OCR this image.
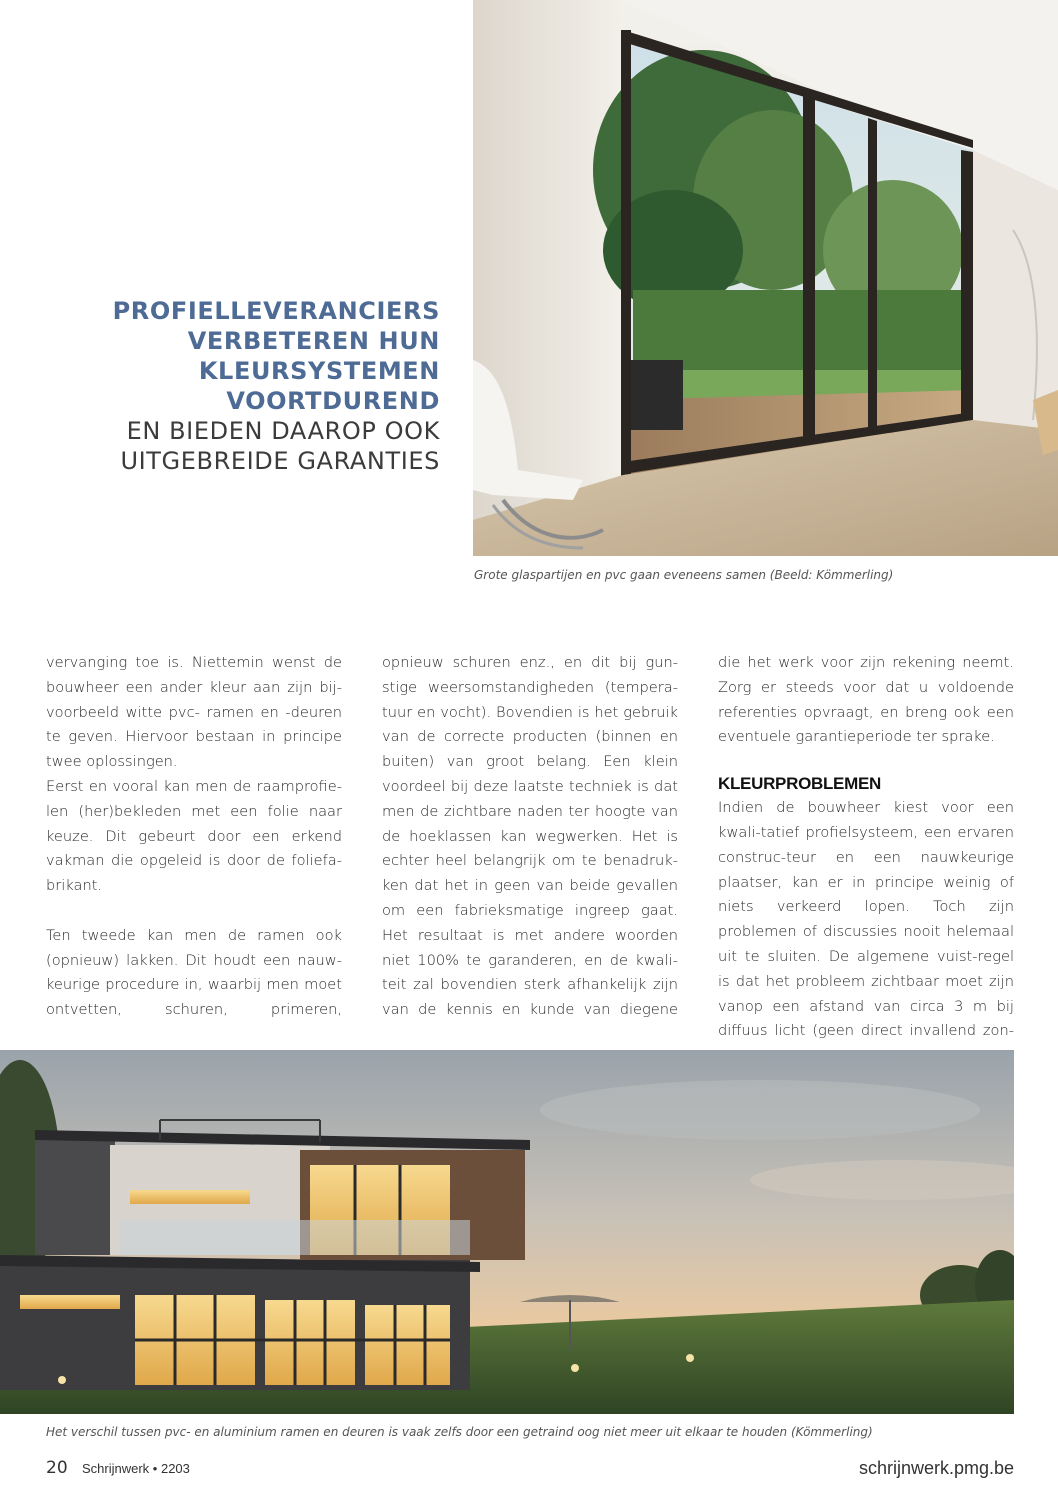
Grote glaspartijen en pvc gaan eveneens samen (Beeld: Kömmerling)
PROFIELLEVERANCIERS
VERBETEREN HUN
KLEURSYSTEMEN
VOORTDUREND
EN BIEDEN DAAROP OOK
UITGEBREIDE GARANTIES

vervanging toe is. Niettemin wenst de bouwheer een ander kleur aan zijn bij-voorbeeld witte pvc- ramen en -deuren te geven. Hiervoor bestaan in principe twee oplossingen.

Eerst en vooral kan men de raamprofie-len (her)bekleden met een folie naar keuze. Dit gebeurt door een erkend vakman die opgeleid is door de foliefa-brikant.

Ten tweede kan men de ramen ook (opnieuw) lakken. Dit houdt een nauw-keurige procedure in, waarbij men moet ontvetten, schuren, primeren,

opnieuw schuren enz., en dit bij gun-stige weersomstandigheden (tempera-tuur en vocht). Bovendien is het gebruik van de correcte producten (binnen en buiten) van groot belang. Een klein voordeel bij deze laatste techniek is dat men de zichtbare naden ter hoogte van de hoeklassen kan wegwerken. Het is echter heel belangrijk om te benadruk-ken dat het in geen van beide gevallen om een fabrieksmatige ingreep gaat. Het resultaat is met andere woorden niet 100% te garanderen, en de kwali-teit zal bovendien sterk afhankelijk zijn van de kennis en kunde van diegene

die het werk voor zijn rekening neemt. Zorg er steeds voor dat u voldoende referenties opvraagt, en breng ook een eventuele garantieperiode ter sprake.

KLEURPROBLEMEN

Indien de bouwheer kiest voor een kwali-tatief profielsysteem, een ervaren construc-teur en een nauwkeurige plaatser, kan er in principe weinig of niets verkeerd lopen. Toch zijn problemen of discussies nooit helemaal uit te sluiten. De algemene vuist-regel is dat het probleem zichtbaar moet zijn vanop een afstand van circa 3 m bij diffuus licht (geen direct invallend zon-

Het verschil tussen pvc- en aluminium ramen en deuren is vaak zelfs door een getraind oog niet meer uit elkaar te houden (Kömmerling)
20 Schrijnwerk • 2203	schrijnwerk.pmg.be
